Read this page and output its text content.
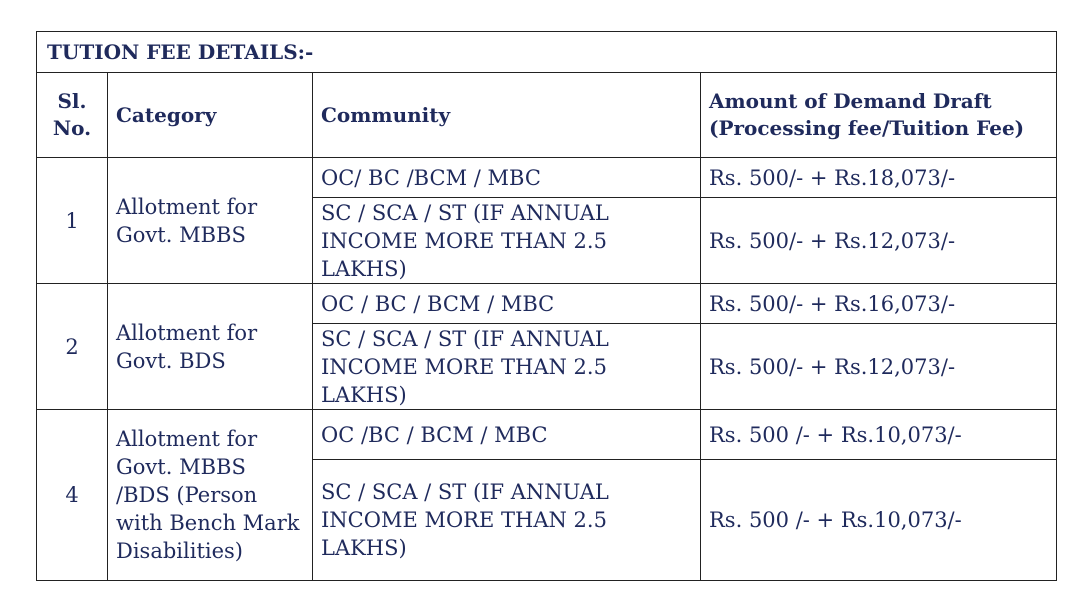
TUTION FEE DETAILS:-			
Sl. No.	Category	Community	Amount of Demand Draft (Processing fee/Tuition Fee)
1	Allotment for Govt. MBBS	OC/ BC /BCM / MBC	Rs. 500/- + Rs.18,073/-
		SC / SCA / ST (IF ANNUAL INCOME MORE THAN 2.5 LAKHS)	Rs. 500/- + Rs.12,073/-
2	Allotment for Govt. BDS	OC / BC / BCM / MBC	Rs. 500/- + Rs.16,073/-
		SC / SCA / ST (IF ANNUAL INCOME MORE THAN 2.5 LAKHS)	Rs. 500/- + Rs.12,073/-
4	Allotment for Govt. MBBS /BDS (Person with Bench Mark Disabilities)	OC /BC / BCM / MBC	Rs. 500 /- + Rs.10,073/-
		SC / SCA / ST (IF ANNUAL INCOME MORE THAN 2.5 LAKHS)	Rs. 500 /- + Rs.10,073/-
